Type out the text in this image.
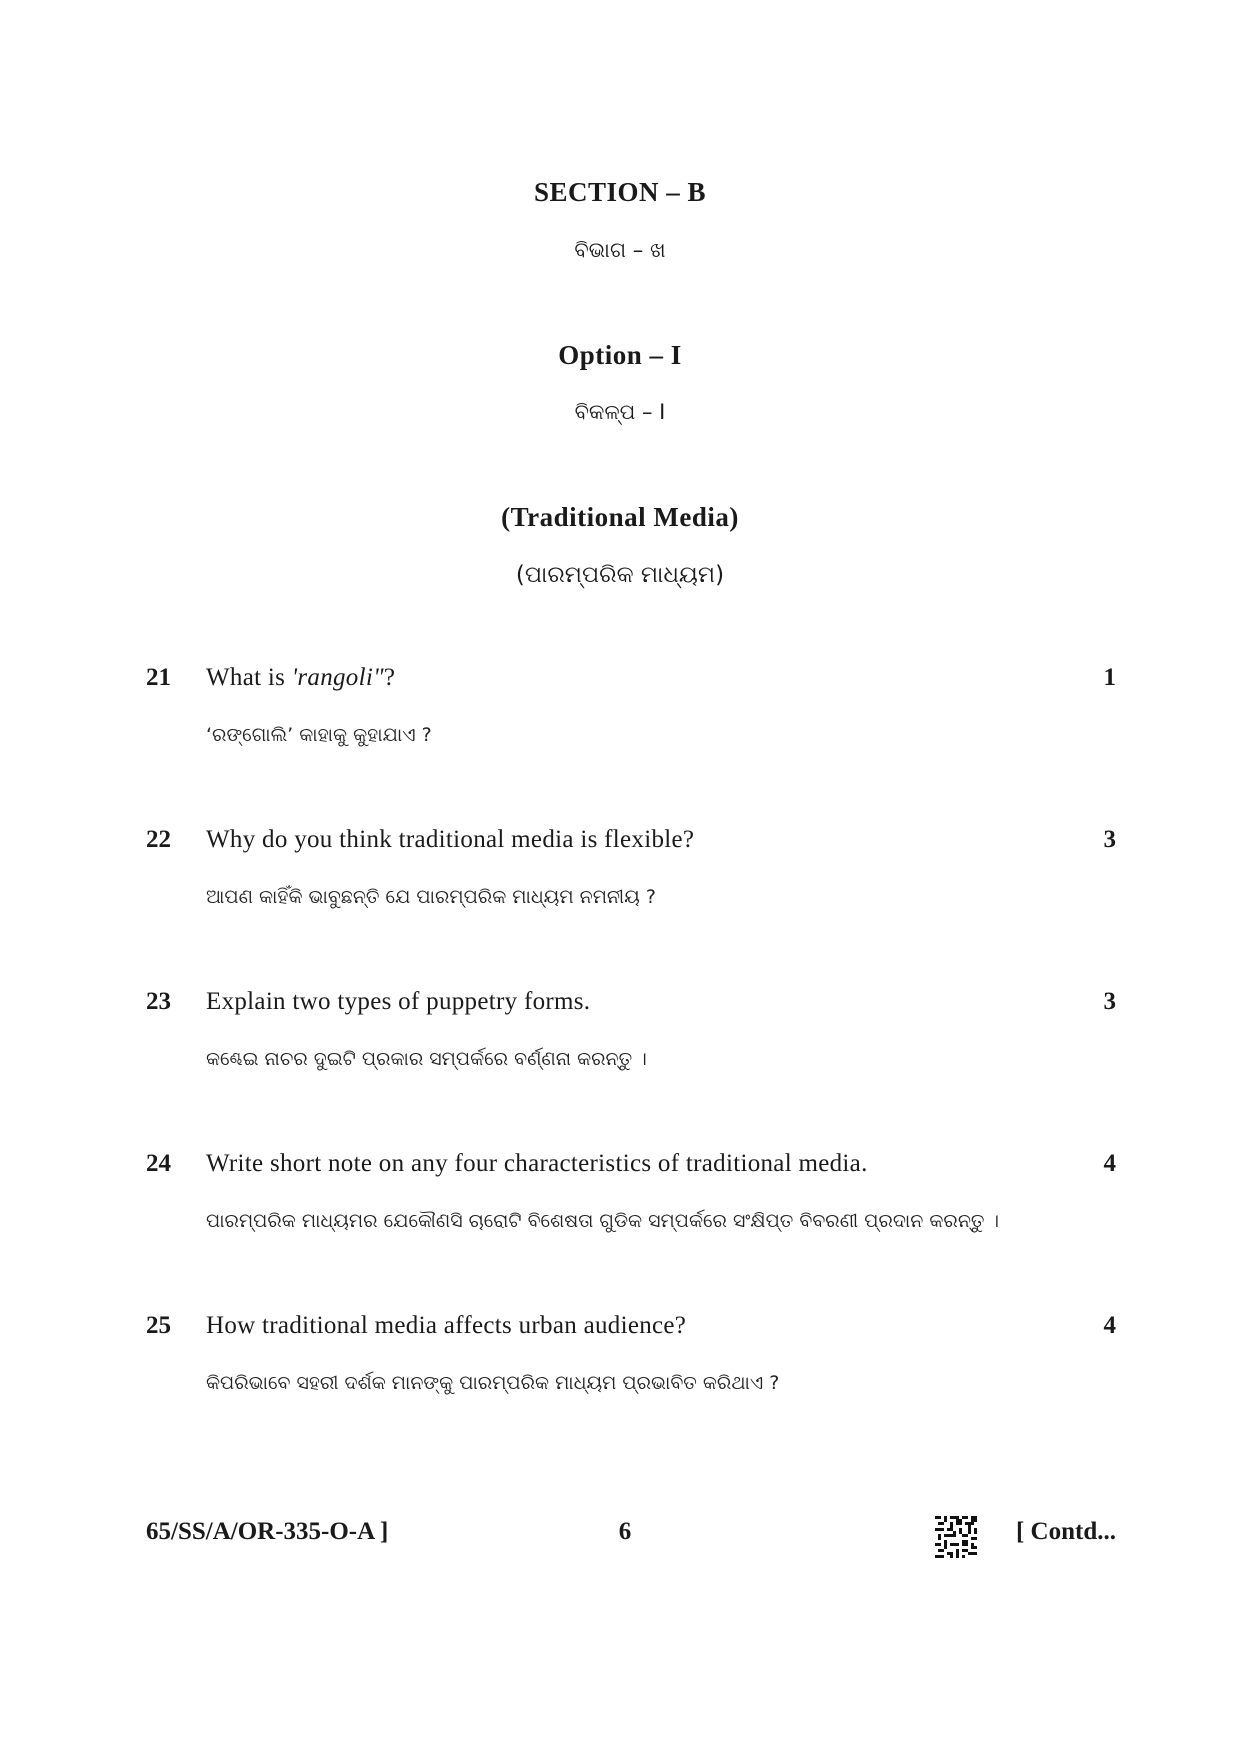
SECTION – B
ବିଭାଗ – ଖ
Option – I
ବିକଳ୍ପ – I
(Traditional Media)
(ପାରମ୍ପରିକ ମାଧ୍ୟମ)
21 What is 'rangoli"?	1
‘ରଙ୍ଗୋଲି’ କାହାକୁ କୁହାଯାଏ ?
22 Why do you think traditional media is flexible?	3
ଆପଣ କାହିଁକି ଭାବୁଛନ୍ତି ଯେ ପାରମ୍ପରିକ ମାଧ୍ୟମ ନମନୀୟ ?
23 Explain two types of puppetry forms.	3
କଣ୍ଢେଇ ନାଚର ଦୁଇଟି ପ୍ରକାର ସମ୍ପର୍କରେ ବର୍ଣ୍ଣନା କରନ୍ତୁ ।
24 Write short note on any four characteristics of traditional media.	4
ପାରମ୍ପରିକ ମାଧ୍ୟମର ଯେକୌଣସି ଚାରୋଟି ବିଶେଷତା ଗୁଡିକ ସମ୍ପର୍କରେ ସଂକ୍ଷିପ୍ତ ବିବରଣୀ ପ୍ରଦାନ କରନ୍ତୁ ।
25 How traditional media affects urban audience?	4
କିପରିଭାବେ ସହରୀ ଦର୍ଶକ ମାନଙ୍କୁ ପାରମ୍ପରିକ ମାଧ୍ୟମ ପ୍ରଭାବିତ କରିଥାଏ ?
65/SS/A/OR-335-O-A ]	6	[ Contd...
